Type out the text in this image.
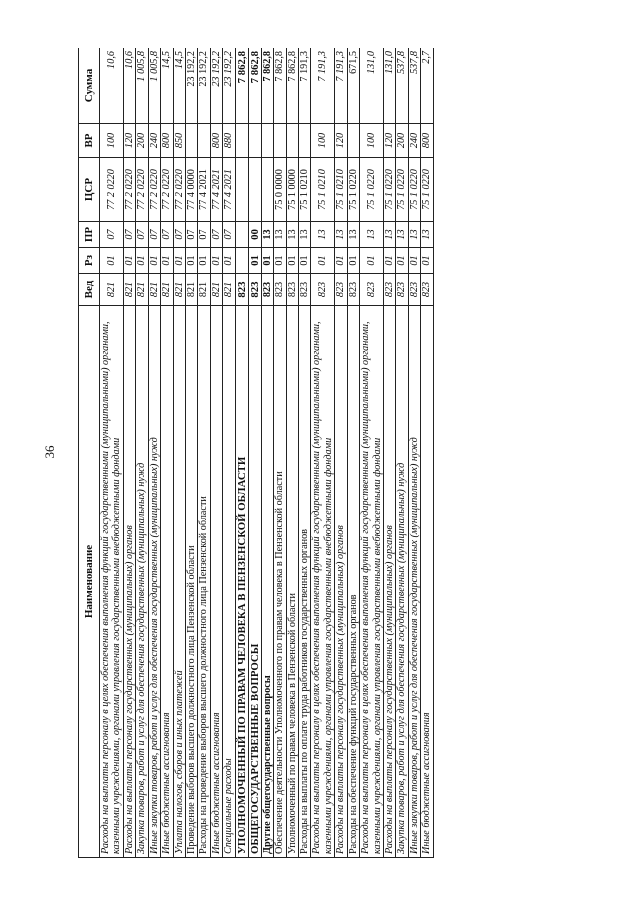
36
Наименование	Вед	Рз	ПР	ЦСР	ВР	Сумма
Расходы на выплаты персоналу в целях обеспечения выполнения функций государственными (муниципальными) органами, казенными учреждениями, органами управления государственными внебюджетными фондами	821	01	07	77 2 0220	100	10,6
Расходы на выплаты персоналу государственных (муниципальных) органов	821	01	07	77 2 0220	120	10,6
Закупка товаров, работ и услуг для обеспечения государственных (муниципальных) нужд	821	01	07	77 2 0220	200	1 005,8
Иные закупки товаров, работ и услуг для обеспечения государственных (муниципальных) нужд	821	01	07	77 2 0220	240	1 005,8
Иные бюджетные ассигнования	821	01	07	77 2 0220	800	14,5
Уплата налогов, сборов и иных платежей	821	01	07	77 2 0220	850	14,5
Проведение выборов высшего должностного лица Пензенской области	821	01	07	77 4 0000		23 192,2
Расходы на проведение выборов высшего должностного лица Пензенской области	821	01	07	77 4 2021		23 192,2
Иные бюджетные ассигнования	821	01	07	77 4 2021	800	23 192,2
Специальные расходы	821	01	07	77 4 2021	880	23 192,2
УПОЛНОМОЧЕННЫЙ ПО ПРАВАМ ЧЕЛОВЕКА В ПЕНЗЕНСКОЙ ОБЛАСТИ	823					7 862,8
ОБЩЕГОСУДАРСТВЕННЫЕ ВОПРОСЫ	823	01	00			7 862,8
Другие общегосударственные вопросы	823	01	13			7 862,8
Обеспечение деятельности Уполномоченного по правам человека в Пензенской области	823	01	13	75 0 0000		7 862,8
Уполномоченный по правам человека в Пензенской области	823	01	13	75 1 0000		7 862,8
Расходы на выплаты по оплате труда работников государственных органов	823	01	13	75 1 0210		7 191,3
Расходы на выплаты персоналу в целях обеспечения выполнения функций государственными (муниципальными) органами, казенными учреждениями, органами управления государственными внебюджетными фондами	823	01	13	75 1 0210	100	7 191,3
Расходы на выплаты персоналу государственных (муниципальных) органов	823	01	13	75 1 0210	120	7 191,3
Расходы на обеспечение функций государственных органов	823	01	13	75 1 0220		671,5
Расходы на выплаты персоналу в целях обеспечения выполнения функций государственными (муниципальными) органами, казенными учреждениями, органами управления государственными внебюджетными фондами	823	01	13	75 1 0220	100	131,0
Расходы на выплаты персоналу государственных (муниципальных) органов	823	01	13	75 1 0220	120	131,0
Закупка товаров, работ и услуг для обеспечения государственных (муниципальных) нужд	823	01	13	75 1 0220	200	537,8
Иные закупки товаров, работ и услуг для обеспечения государственных (муниципальных) нужд	823	01	13	75 1 0220	240	537,8
Иные бюджетные ассигнования	823	01	13	75 1 0220	800	2,7
